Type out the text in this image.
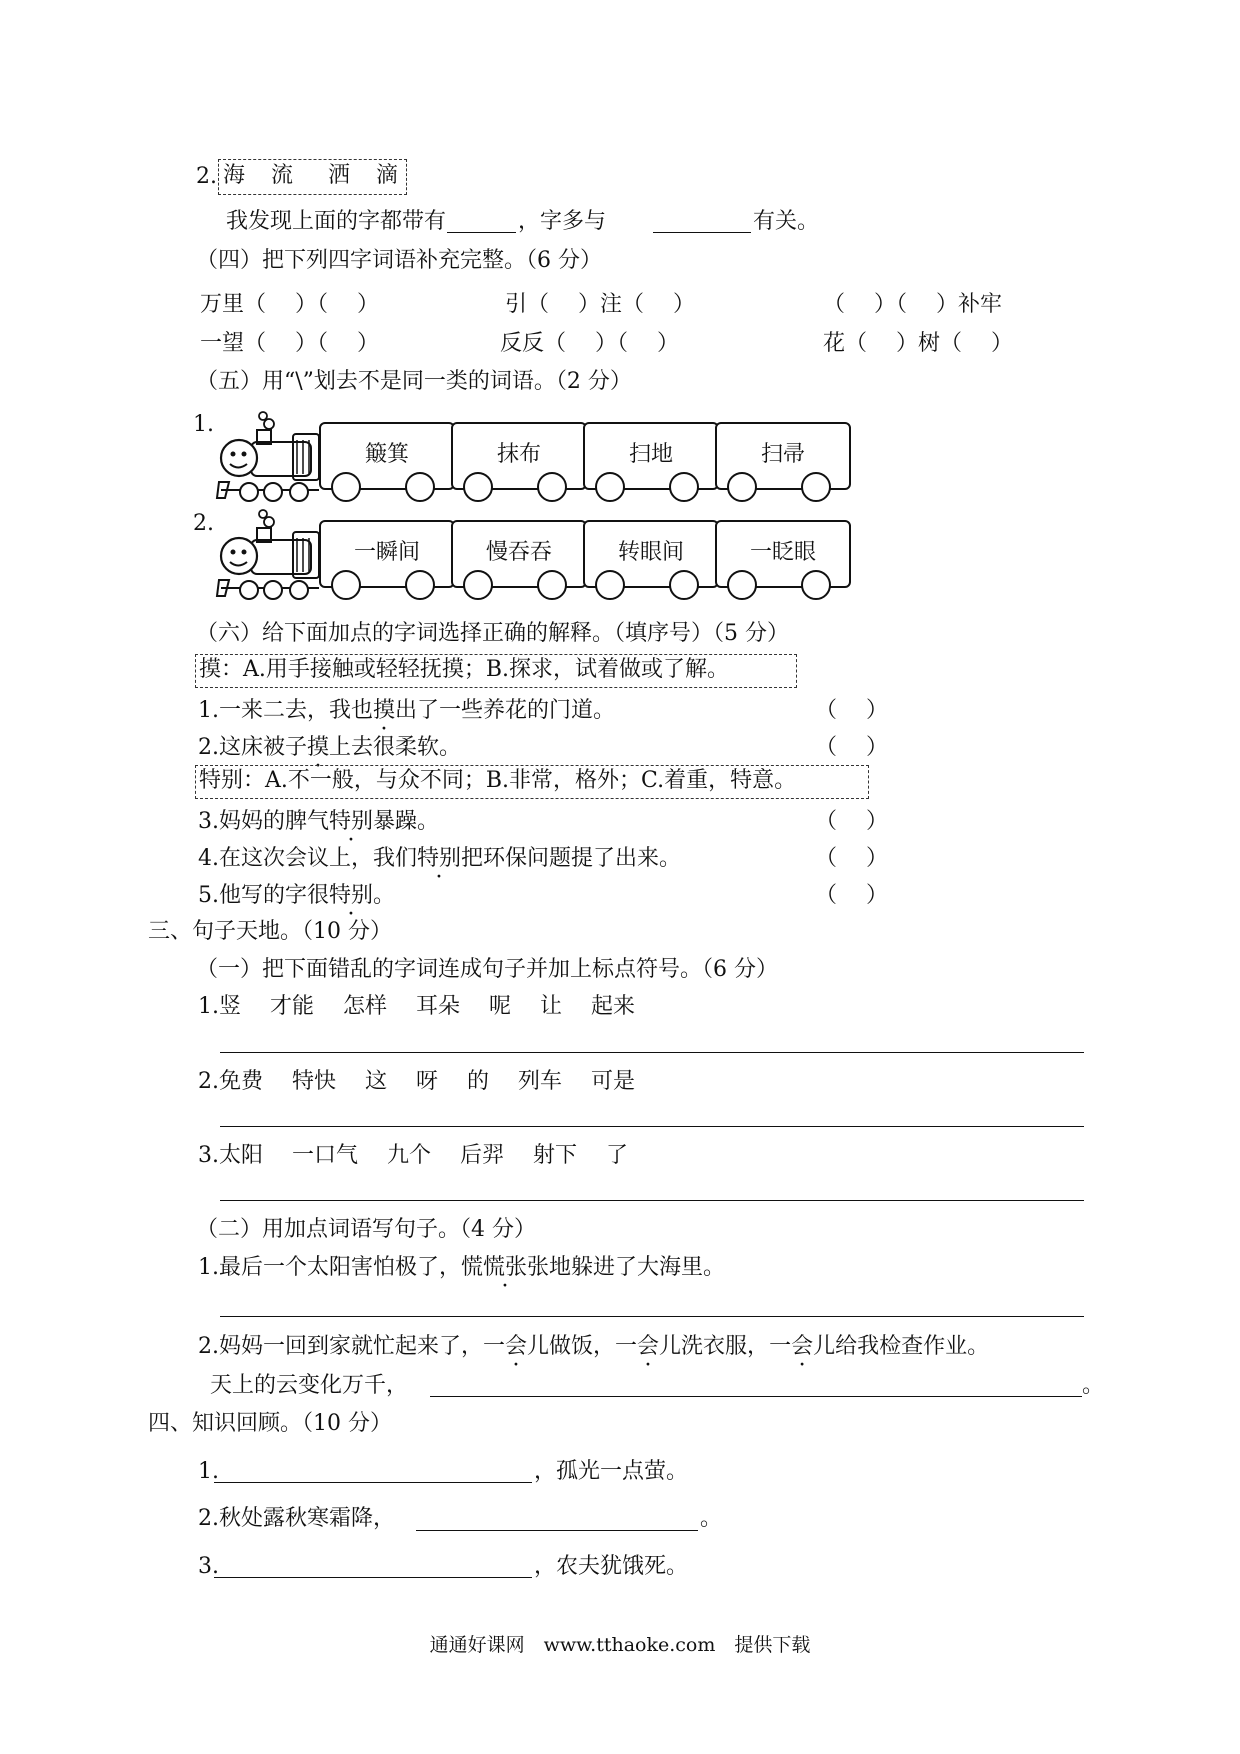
2. 海　流　 洒　滴
我发现上面的字都带有	，字多与	有关。
（四）把下列四字词语补充完整。（6 分）
万里（　 ）（　 ）	引（　 ）注（　 ）	（　 ）（　 ）补牢
一望（　 ）（　 ）	反反（　 ）（　 ）	花（　 ）树（　 ）
（五）用“\”划去不是同一类的词语。（2 分）
1.
2.
簸箕	抹布	扫地	扫帚
一瞬间	慢吞吞	转眼间	一眨眼
（六）给下面加点的字词选择正确的解释。（填序号）（5 分）
摸：A.用手接触或轻轻抚摸；B.探求，试着做或了解。
1.一来二去，我也摸出了一些养花的门道。	（　 ）
2.这床被子摸上去很柔软。	（　 ）
特别：A.不一般，与众不同；B.非常，格外；C.着重，特意。
3.妈妈的脾气特别暴躁。	（　 ）
4.在这次会议上，我们特别把环保问题提了出来。	（　 ）
5.他写的字很特别。	（　 ）
三、句子天地。（10 分）
（一）把下面错乱的字词连成句子并加上标点符号。（6 分）
1.竖　 才能　 怎样　 耳朵　 呢　 让　 起来
2.免费　 特快　 这　 呀　 的　 列车　 可是
3.太阳　 一口气　 九个　 后羿　 射下　 了
（二）用加点词语写句子。（4 分）
1.最后一个太阳害怕极了，慌慌张张地躲进了大海里。
2.妈妈一回到家就忙起来了，一会儿做饭，一会儿洗衣服，一会儿给我检查作业。
天上的云变化万千，	。
四、知识回顾。（10 分）
1.	，孤光一点萤。
2.秋处露秋寒霜降，	。
3.	，农夫犹饿死。
通通好课网　www.tthaoke.com　提供下载
